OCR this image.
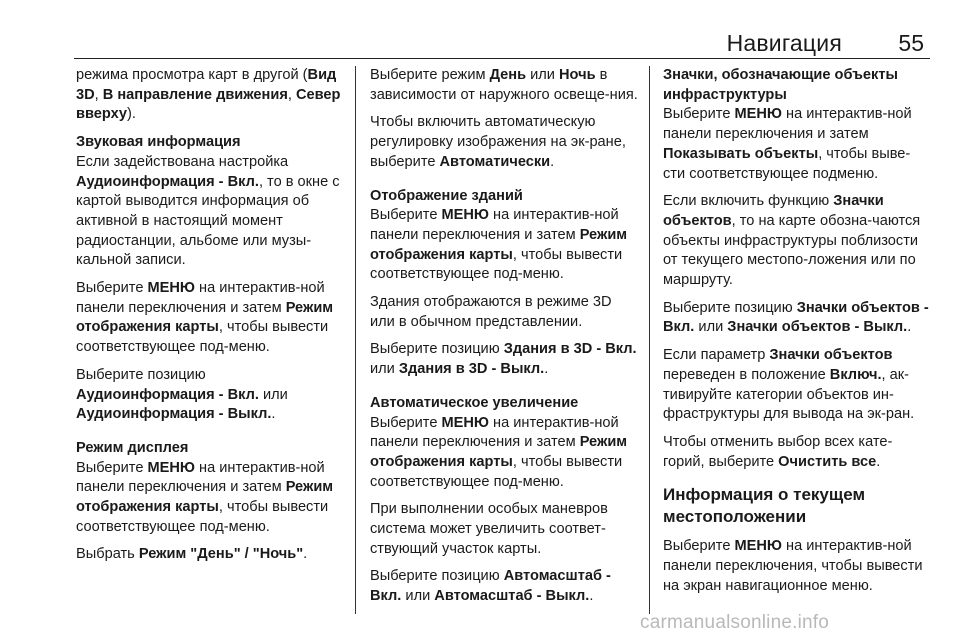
Навигация 55

режима просмотра карт в другой (Вид 3D, В направление движения, Север вверху).

Звуковая информация

Если задействована настройка Аудиоинформация - Вкл., то в окне с картой выводится информация об активной в настоящий момент радиостанции, альбоме или музы-кальной записи.

Выберите МЕНЮ на интерактив-ной панели переключения и затем Режим отображения карты, чтобы вывести соответствующее под-меню.

Выберите позицию Аудиоинформация - Вкл. или Аудиоинформация - Выкл..

Режим дисплея

Выберите МЕНЮ на интерактив-ной панели переключения и затем Режим отображения карты, чтобы вывести соответствующее под-меню.

Выбрать Режим "День" / "Ночь".

Выберите режим День или Ночь в зависимости от наружного освеще-ния.

Чтобы включить автоматическую регулировку изображения на эк-ране, выберите Автоматически.

Отображение зданий

Выберите МЕНЮ на интерактив-ной панели переключения и затем Режим отображения карты, чтобы вывести соответствующее под-меню.

Здания отображаются в режиме 3D или в обычном представлении.

Выберите позицию Здания в 3D - Вкл. или Здания в 3D - Выкл..

Автоматическое увеличение

Выберите МЕНЮ на интерактив-ной панели переключения и затем Режим отображения карты, чтобы вывести соответствующее под-меню.

При выполнении особых маневров система может увеличить соответ-ствующий участок карты.

Выберите позицию Автомасштаб - Вкл. или Автомасштаб - Выкл..

Значки, обозначающие объекты инфраструктуры

Выберите МЕНЮ на интерактив-ной панели переключения и затем Показывать объекты, чтобы выве-сти соответствующее подменю.

Если включить функцию Значки объектов, то на карте обозна-чаются объекты инфраструктуры поблизости от текущего местопо-ложения или по маршруту.

Выберите позицию Значки объектов - Вкл. или Значки объектов - Выкл..

Если параметр Значки объектов переведен в положение Включ., ак-тивируйте категории объектов ин-фраструктуры для вывода на эк-ран.

Чтобы отменить выбор всех кате-горий, выберите Очистить все.

Информация о текущем местоположении

Выберите МЕНЮ на интерактив-ной панели переключения, чтобы вывести на экран навигационное меню.

carmanualsonline.info
